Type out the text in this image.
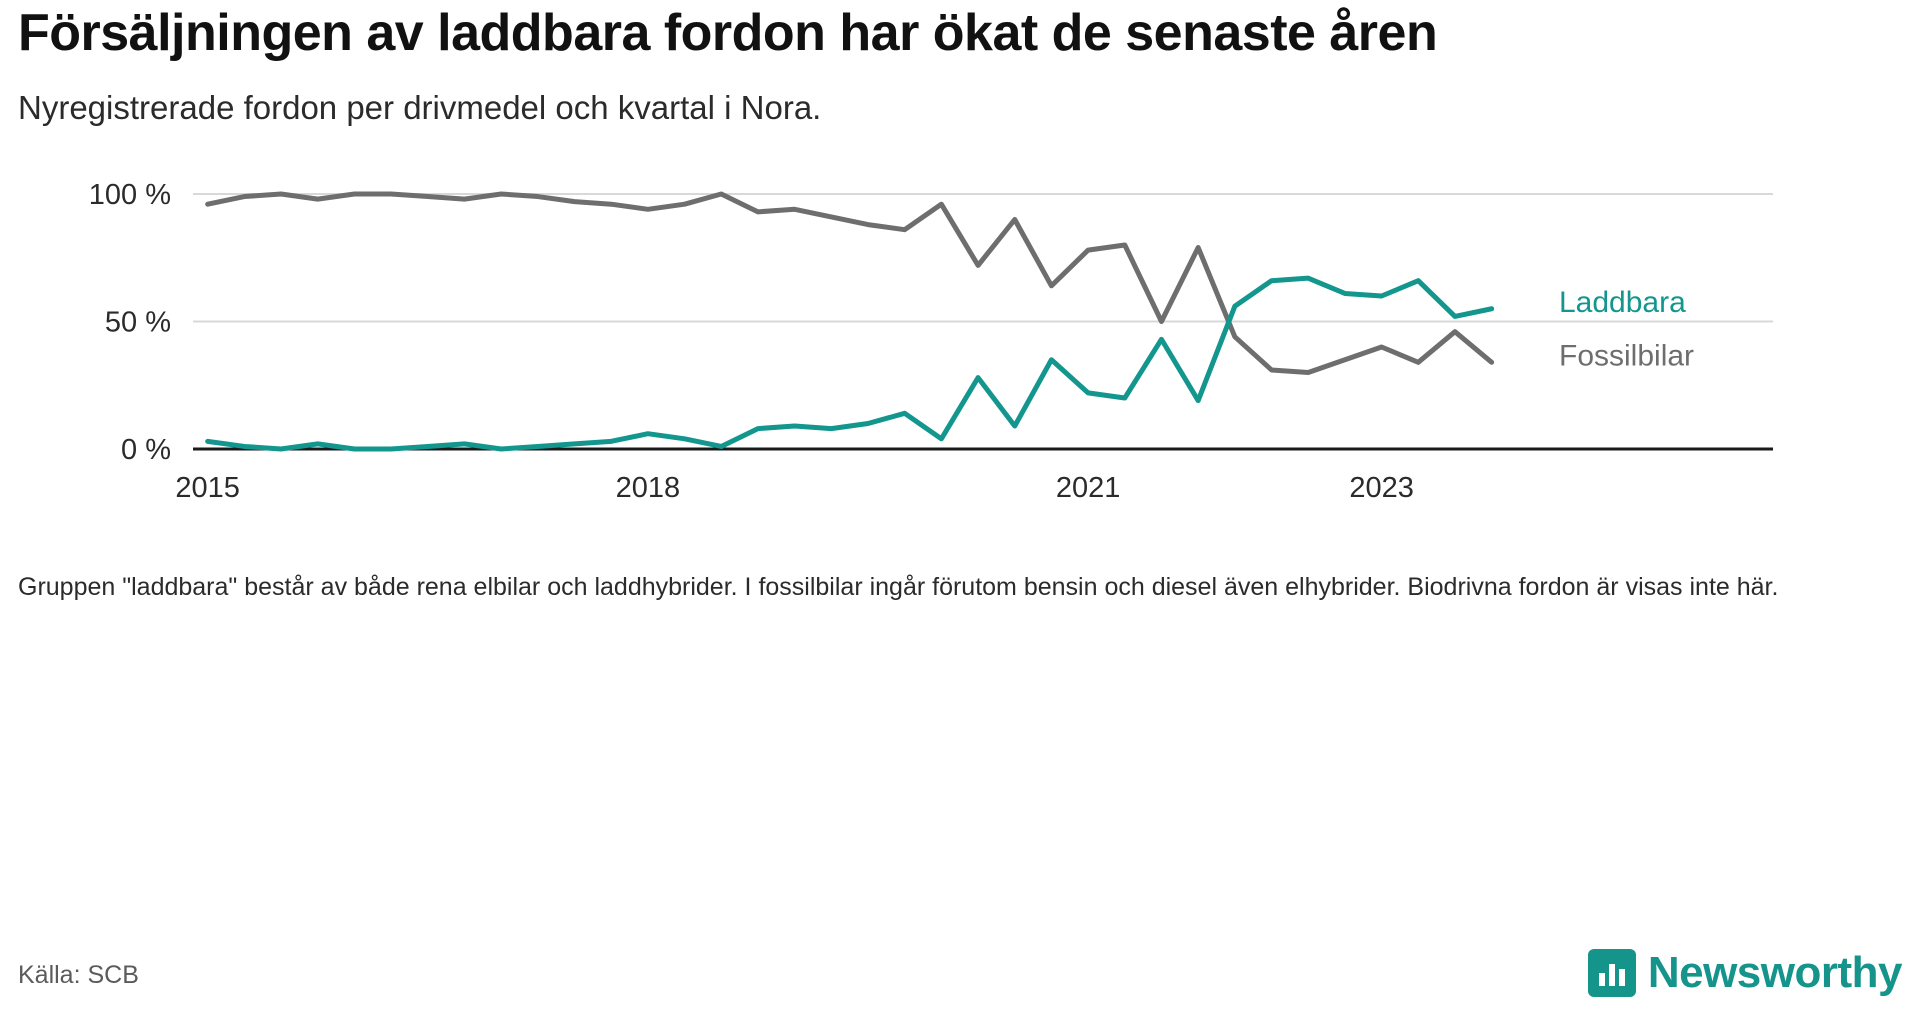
Försäljningen av laddbara fordon har ökat de senaste åren

Nyregistrerade fordon per drivmedel och kvartal i Nora.

0 %
50 %
100 %
2015	2018	2021	2023
Laddbara
Fossilbilar

Gruppen "laddbara" består av både rena elbilar och laddhybrider. I fossilbilar ingår förutom bensin och diesel även elhybrider. Biodrivna fordon är visas inte här.

Källa: SCB	Newsworthy
